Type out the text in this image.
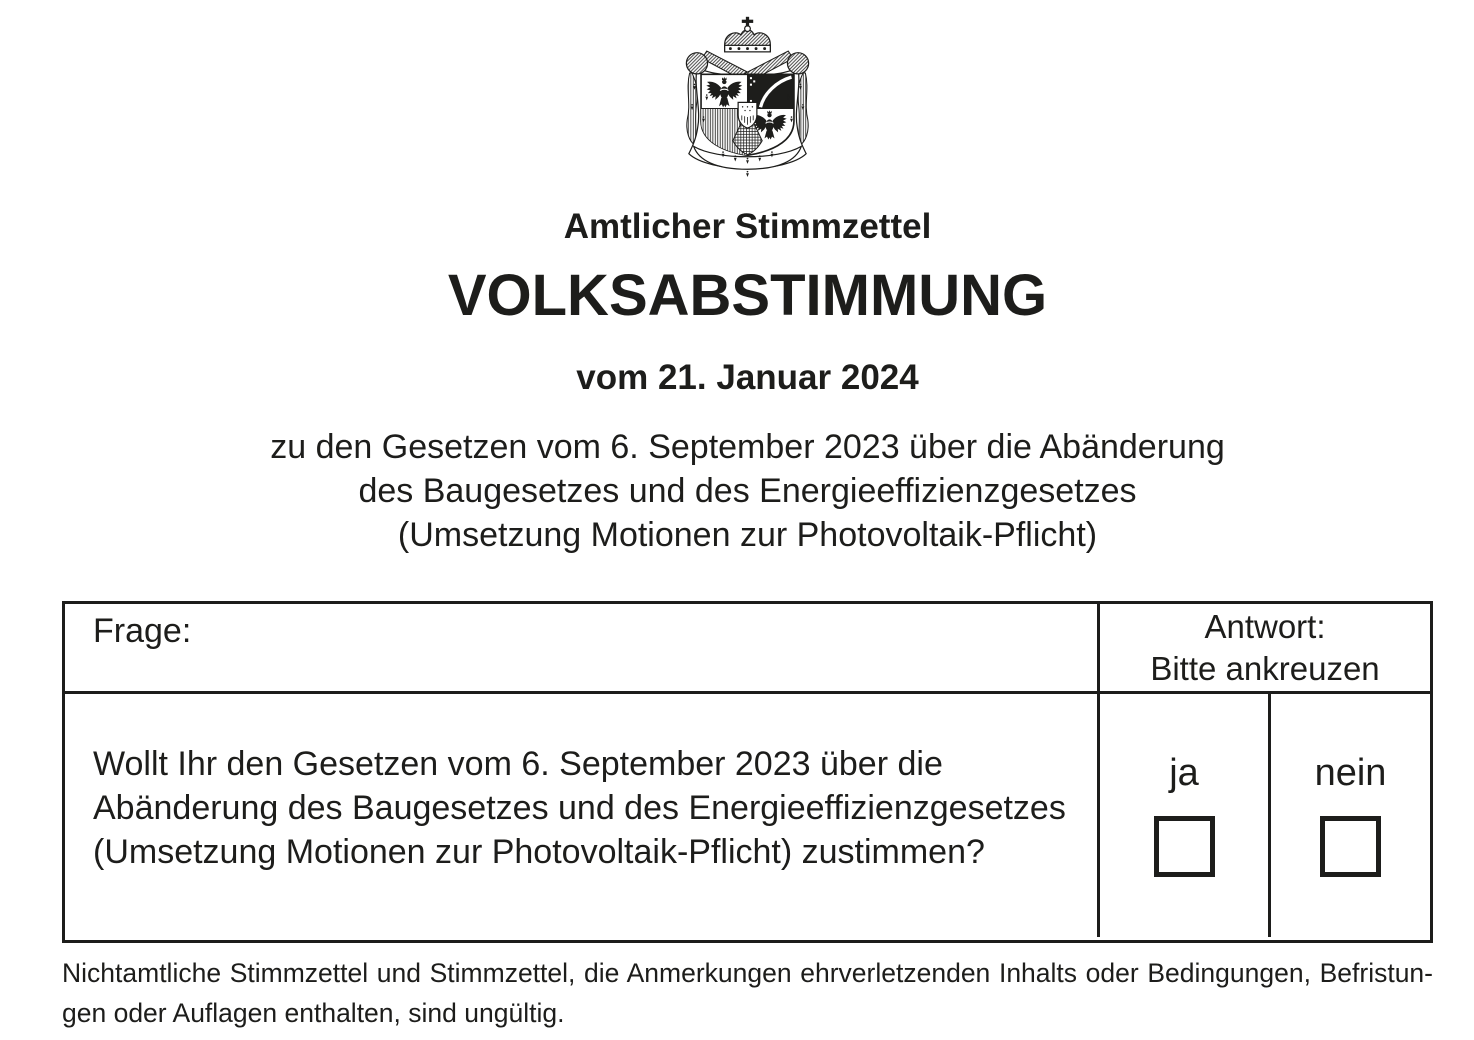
Amtlicher Stimmzettel
VOLKSABSTIMMUNG
vom 21. Januar 2024
zu den Gesetzen vom 6. September 2023 über die Abänderung
des Baugesetzes und des Energieeffizienzgesetzes
(Umsetzung Motionen zur Photovoltaik-Pflicht)
Frage:	Antwort:
Bitte ankreuzen

Wollt Ihr den Gesetzen vom 6. September 2023 über die Abänderung des Baugesetzes und des Energieeffizienzgesetzes (Umsetzung Motionen zur Photovoltaik-Pflicht) zustimmen?

ja	nein
Nichtamtliche Stimmzettel und Stimmzettel, die Anmerkungen ehrverletzenden Inhalts oder Bedingungen, Befristun-
gen oder Auflagen enthalten, sind ungültig.
